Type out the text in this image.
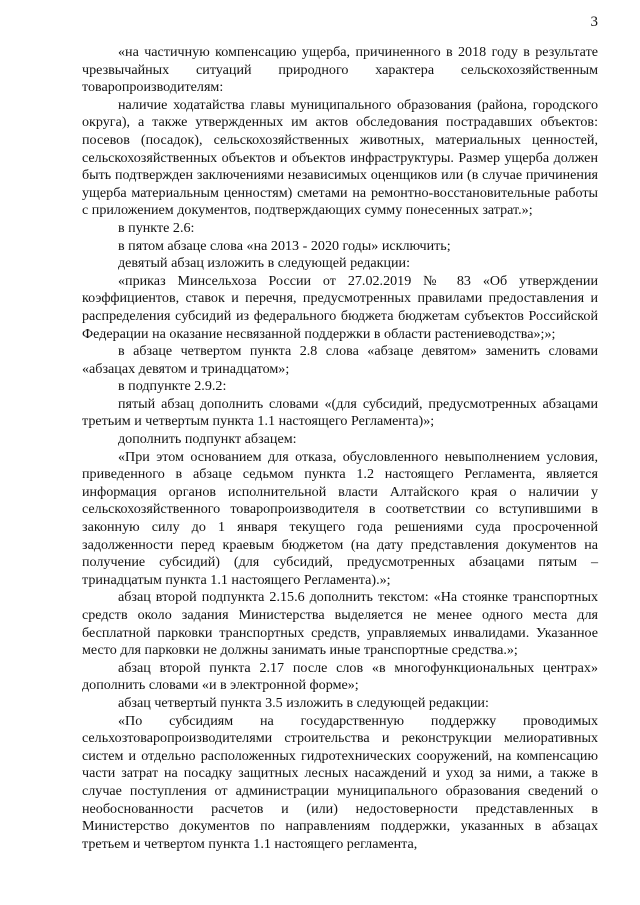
3

«на частичную компенсацию ущерба, причиненного в 2018 году в результате чрезвычайных ситуаций природного характера сельскохозяйственным товаропроизводителям:

наличие ходатайства главы муниципального образования (района, городского округа), а также утвержденных им актов обследования пострадавших объектов: посевов (посадок), сельскохозяйственных животных, материальных ценностей, сельскохозяйственных объектов и объектов инфраструктуры. Размер ущерба должен быть подтвержден заключениями независимых оценщиков или (в случае причинения ущерба материальным ценностям) сметами на ремонтно-восстановительные работы с приложением документов, подтверждающих сумму понесенных затрат.»;

в пункте 2.6:

в пятом абзаце слова «на 2013 - 2020 годы» исключить;

девятый абзац изложить в следующей редакции:

«приказ Минсельхоза России от 27.02.2019 № 83 «Об утверждении коэффициентов, ставок и перечня, предусмотренных правилами предоставления и распределения субсидий из федерального бюджета бюджетам субъектов Российской Федерации на оказание несвязанной поддержки в области растениеводства»;»;

в абзаце четвертом пункта 2.8 слова «абзаце девятом» заменить словами «абзацах девятом и тринадцатом»;

в подпункте 2.9.2:

пятый абзац дополнить словами «(для субсидий, предусмотренных абзацами третьим и четвертым пункта 1.1 настоящего Регламента)»;

дополнить подпункт абзацем:

«При этом основанием для отказа, обусловленного невыполнением условия, приведенного в абзаце седьмом пункта 1.2 настоящего Регламента, является информация органов исполнительной власти Алтайского края о наличии у сельскохозяйственного товаропроизводителя в соответствии со вступившими в законную силу до 1 января текущего года решениями суда просроченной задолженности перед краевым бюджетом (на дату представления документов на получение субсидий) (для субсидий, предусмотренных абзацами пятым – тринадцатым пункта 1.1 настоящего Регламента).»;

абзац второй подпункта 2.15.6 дополнить текстом: «На стоянке транспортных средств около задания Министерства выделяется не менее одного места для бесплатной парковки транспортных средств, управляемых инвалидами. Указанное место для парковки не должны занимать иные транспортные средства.»;

абзац второй пункта 2.17 после слов «в многофункциональных центрах» дополнить словами «и в электронной форме»;

абзац четвертый пункта 3.5 изложить в следующей редакции:

«По субсидиям на государственную поддержку проводимых сельхозтоваропроизводителями строительства и реконструкции мелиоративных систем и отдельно расположенных гидротехнических сооружений, на компенсацию части затрат на посадку защитных лесных насаждений и уход за ними, а также в случае поступления от администрации муниципального образования сведений о необоснованности расчетов и (или) недостоверности представленных в Министерство документов по направлениям поддержки, указанных в абзацах третьем и четвертом пункта 1.1 настоящего регламента,
